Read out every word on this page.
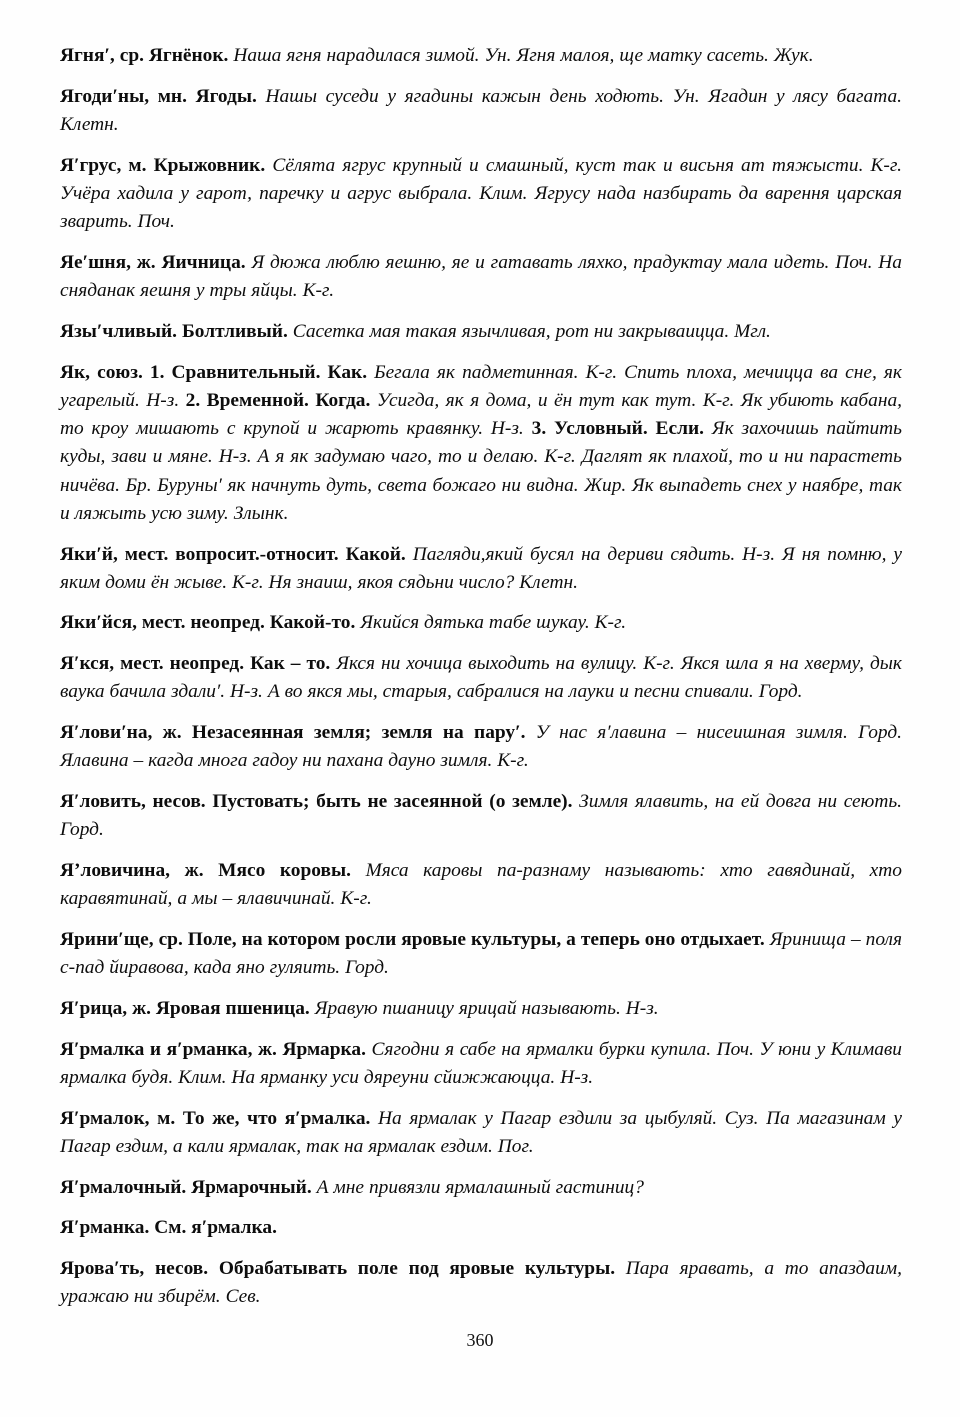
Ягня′, ср. Ягнёнок. Наша ягня нарадилася зимой. Ун. Ягня малоя, ще матку сасеть. Жук.

Ягоди′ны, мн. Ягоды. Нашы суседи у ягадины кажын день ходють. Ун. Ягадин у лясу багата. Клетн.

Я′грус, м. Крыжовник. Сёлята ягрус крупный и смашный, куст так и висьня ат тяжысти. К-г. Учёра хадила у гарот, паречку и агрус выбрала. Клим. Ягрусу нада назбирать да варення царская зварить. Поч.

Яе′шня, ж. Яичница. Я дюжа люблю яешню, яе и гатавать ляхко, прадуктау мала идеть. Поч. На сняданак яешня у тры яйцы. К-г.

Язы′чливый. Болтливый. Сасетка мая такая язычливая, рот ни закрываицца. Мгл.

Як, союз. 1. Сравнительный. Как. Бегала як падметинная. К-г. Спить плоха, мечицца ва сне, як угарелый. Н-з. 2. Временной. Когда. Усигда, як я дома, и ён тут как тут. К-г. Як убиють кабана, то кроу мишають с крупой и жарють кравянку. Н-з. 3. Условный. Если. Як захочишь пайтить куды, зави и мяне. Н-з. А я як задумаю чаго, то и делаю. К-г. Даглят як плахой, то и ни парастеть ничёва. Бр. Буруны′ як начнуть дуть, света божаго ни видна. Жир. Як выпадеть снех у наябре, так и ляжыть усю зиму. Злынк.

Яки′й, мест. вопросит.-относит. Какой. Пагляди,який бусял на дериви сядить. Н-з. Я ня помню, у яким доми ён жыве. К-г. Ня знаиш, якоя сядьни число? Клетн.

Яки′йся, мест. неопред. Какой-то. Якийся дятька табе шукау. К-г.

Я′кся, мест. неопред. Как – то. Якся ни хочица выходить на вулицу. К-г. Якся шла я на хверму, дык ваука бачила здали′. Н-з. А во якся мы, старыя, сабралися на лауки и песни спивали. Горд.

Я′лови′на, ж. Незасеянная земля; земля на пару′. У нас я′лавина – нисеишная зимля. Горд. Ялавина – кагда многа гадоу ни пахана дауно зимля. К-г.

Я′ловить, несов. Пустовать; быть не засеянной (о земле). Зимля ялавить, на ей довга ни сеють. Горд.

Я’ловичина, ж. Мясо коровы. Мяса каровы па-разнаму называють: хто гавядинай, хто каравятинай, а мы – ялавичинай. К-г.

Ярини′ще, ср. Поле, на котором росли яровые культуры, а теперь оно отдыхает. Яринища – поля с-пад йиравова, када яно гуляить. Горд.

Я′рица, ж. Яровая пшеница. Яравую пшаницу ярицай называють. Н-з.

Я′рмалка и я′рманка, ж. Ярмарка. Сягодни я сабе на ярмалки бурки купила. Поч. У юни у Климави ярмалка будя. Клим. На ярманку уси дяреуни сйижжаюцца. Н-з.

Я′рмалок, м. То же, что я′рмалка. На ярмалак у Пагар ездили за цыбуляй. Суз. Па магазинам у Пагар ездим, а кали ярмалак, так на ярмалак ездим. Пог.

Я′рмалочный. Ярмарочный. А мне привязли ярмалашный гастиниц?

Я′рманка. См. я′рмалка.

Ярова′ть, несов. Обрабатывать поле под яровые культуры. Пара яравать, а то апаздаим, уражаю ни збирём. Сев.

360
